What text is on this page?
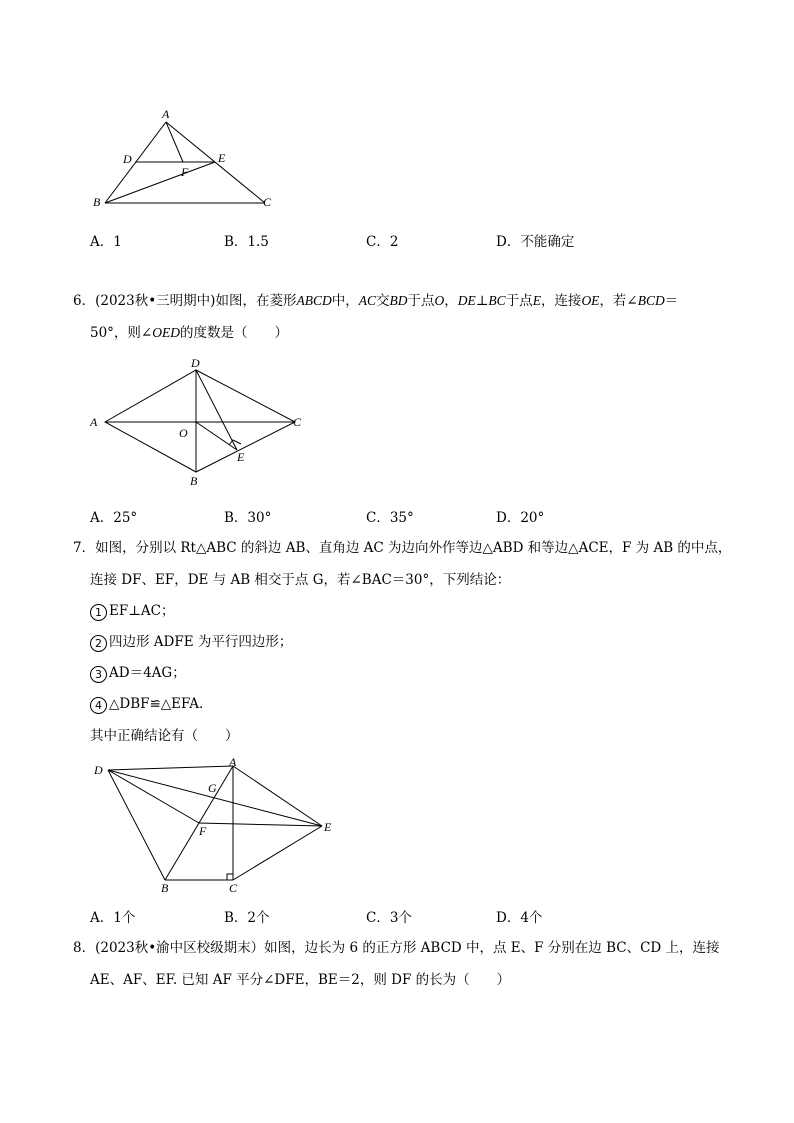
A
D	E
F
B	C
A．1	B．1.5	C．2	D．不能确定
6．(2023秋•三明期中)如图，在菱形ABCD中，AC交BD于点O，DE⊥BC于点E，连接OE，若∠BCD＝
50°，则∠OED的度数是（　　）
A
D
C
O
E
B
A．25°	B．30°	C．35°	D．20°
7．如图，分别以 Rt△ABC 的斜边 AB、直角边 AC 为边向外作等边△ABD 和等边△ACE，F 为 AB 的中点，
连接 DF、EF，DE 与 AB 相交于点 G，若∠BAC＝30°，下列结论：
1 EF⊥AC；
2 四边形 ADFE 为平行四边形；
3 AD＝4AG；
4 △DBF≌△EFA.
其中正确结论有（　　）
D
A
G
F	E
B	C
A．1个	B．2个	C．3个	D．4个
8．(2023秋•渝中区校级期末）如图，边长为 6 的正方形 ABCD 中，点 E、F 分别在边 BC、CD 上，连接
AE、AF、EF. 已知 AF 平分∠DFE，BE＝2，则 DF 的长为（　　）
